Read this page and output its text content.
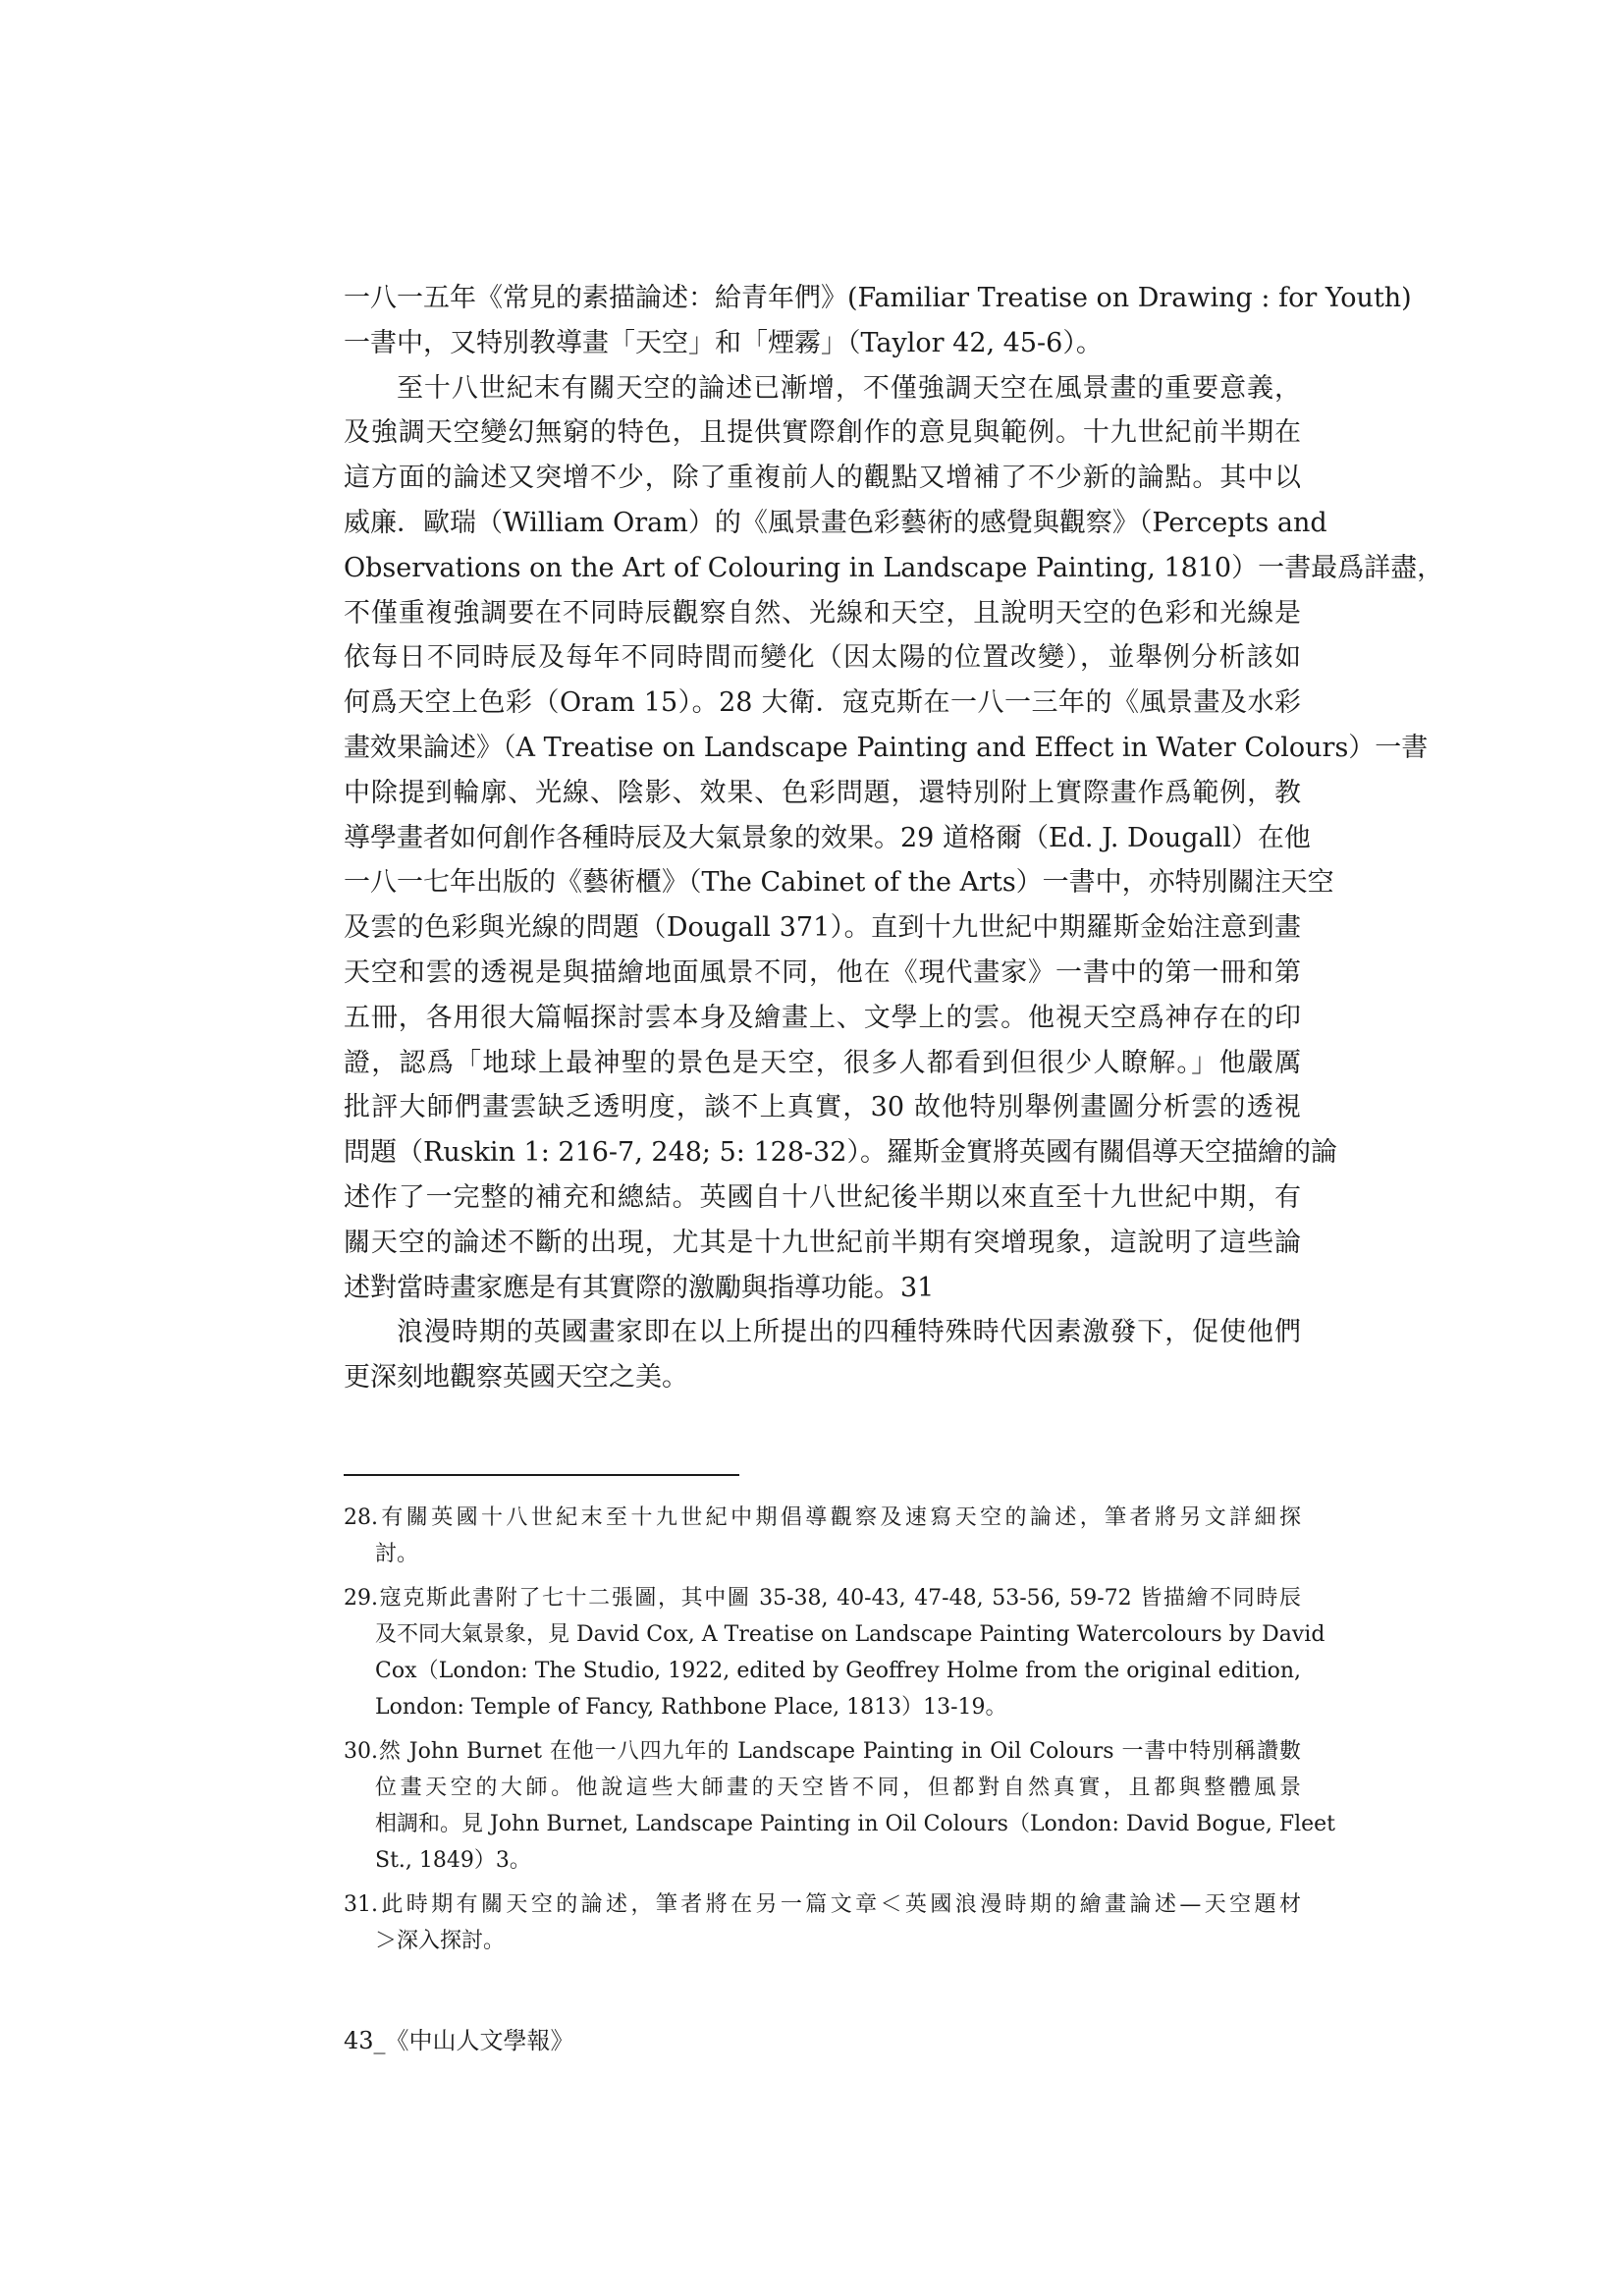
一八一五年《常見的素描論述：給青年們》(Familiar Treatise on Drawing : for Youth)
一書中，又特別教導畫「天空」和「煙霧」（Taylor 42, 45-6）。
至十八世紀末有關天空的論述已漸增，不僅強調天空在風景畫的重要意義，
及強調天空變幻無窮的特色，且提供實際創作的意見與範例。十九世紀前半期在
這方面的論述又突增不少，除了重複前人的觀點又增補了不少新的論點。其中以
威廉．歐瑞（William Oram）的《風景畫色彩藝術的感覺與觀察》（Percepts and
Observations on the Art of Colouring in Landscape Painting, 1810）一書最爲詳盡，
不僅重複強調要在不同時辰觀察自然、光線和天空，且說明天空的色彩和光線是
依每日不同時辰及每年不同時間而變化（因太陽的位置改變），並舉例分析該如
何爲天空上色彩（Oram 15）。28 大衛．寇克斯在一八一三年的《風景畫及水彩
畫效果論述》（A Treatise on Landscape Painting and Effect in Water Colours）一書
中除提到輪廓、光線、陰影、效果、色彩問題，還特別附上實際畫作爲範例，教
導學畫者如何創作各種時辰及大氣景象的效果。29 道格爾（Ed. J. Dougall）在他
一八一七年出版的《藝術櫃》（The Cabinet of the Arts）一書中，亦特別關注天空
及雲的色彩與光線的問題（Dougall 371）。直到十九世紀中期羅斯金始注意到畫
天空和雲的透視是與描繪地面風景不同，他在《現代畫家》一書中的第一冊和第
五冊，各用很大篇幅探討雲本身及繪畫上、文學上的雲。他視天空爲神存在的印
證，認爲「地球上最神聖的景色是天空，很多人都看到但很少人瞭解。」他嚴厲
批評大師們畫雲缺乏透明度，談不上真實，30 故他特別舉例畫圖分析雲的透視
問題（Ruskin 1: 216-7, 248; 5: 128-32）。羅斯金實將英國有關倡導天空描繪的論
述作了一完整的補充和總結。英國自十八世紀後半期以來直至十九世紀中期，有
關天空的論述不斷的出現，尤其是十九世紀前半期有突增現象，這說明了這些論
述對當時畫家應是有其實際的激勵與指導功能。31
浪漫時期的英國畫家即在以上所提出的四種特殊時代因素激發下，促使他們
更深刻地觀察英國天空之美。
28.有關英國十八世紀末至十九世紀中期倡導觀察及速寫天空的論述，筆者將另文詳細探
討。
29.寇克斯此書附了七十二張圖，其中圖 35-38, 40-43, 47-48, 53-56, 59-72 皆描繪不同時辰
及不同大氣景象，見 David Cox, A Treatise on Landscape Painting Watercolours by David
Cox（London: The Studio, 1922, edited by Geoffrey Holme from the original edition,
London: Temple of Fancy, Rathbone Place, 1813）13-19。
30.然 John Burnet 在他一八四九年的 Landscape Painting in Oil Colours 一書中特別稱讚數
位畫天空的大師。他說這些大師畫的天空皆不同，但都對自然真實，且都與整體風景
相調和。見 John Burnet, Landscape Painting in Oil Colours（London: David Bogue, Fleet
St., 1849）3。
31.此時期有關天空的論述，筆者將在另一篇文章＜英國浪漫時期的繪畫論述—天空題材
＞深入探討。
43_《中山人文學報》
